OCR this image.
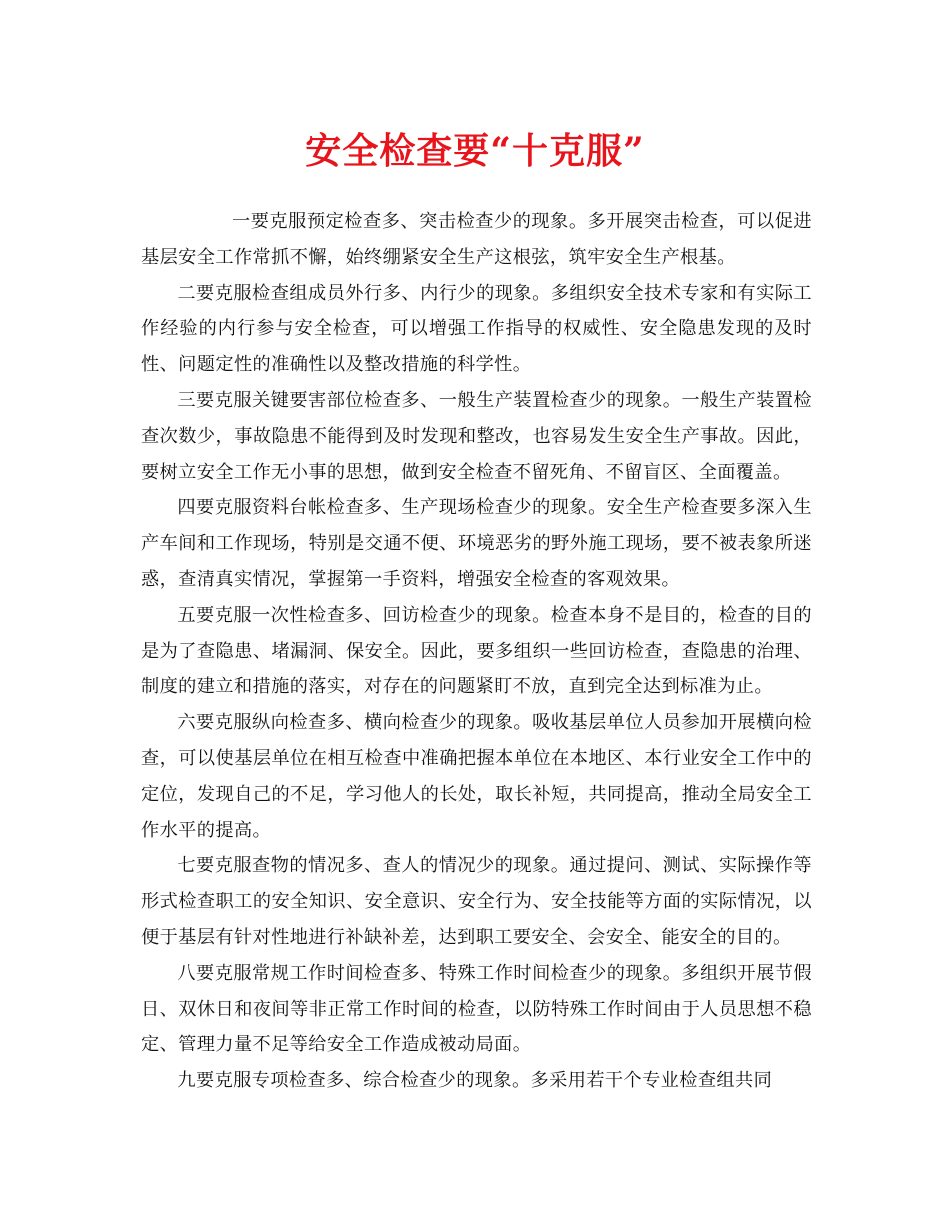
安全检查要“十克服”

一要克服预定检查多、突击检查少的现象。多开展突击检查，可以促进基层安全工作常抓不懈，始终绷紧安全生产这根弦，筑牢安全生产根基。

二要克服检查组成员外行多、内行少的现象。多组织安全技术专家和有实际工作经验的内行参与安全检查，可以增强工作指导的权威性、安全隐患发现的及时性、问题定性的准确性以及整改措施的科学性。

三要克服关键要害部位检查多、一般生产装置检查少的现象。一般生产装置检查次数少，事故隐患不能得到及时发现和整改，也容易发生安全生产事故。因此，要树立安全工作无小事的思想，做到安全检查不留死角、不留盲区、全面覆盖。

四要克服资料台帐检查多、生产现场检查少的现象。安全生产检查要多深入生产车间和工作现场，特别是交通不便、环境恶劣的野外施工现场，要不被表象所迷惑，查清真实情况，掌握第一手资料，增强安全检查的客观效果。

五要克服一次性检查多、回访检查少的现象。检查本身不是目的，检查的目的是为了查隐患、堵漏洞、保安全。因此，要多组织一些回访检查，查隐患的治理、制度的建立和措施的落实，对存在的问题紧盯不放，直到完全达到标准为止。

六要克服纵向检查多、横向检查少的现象。吸收基层单位人员参加开展横向检查，可以使基层单位在相互检查中准确把握本单位在本地区、本行业安全工作中的定位，发现自己的不足，学习他人的长处，取长补短，共同提高，推动全局安全工作水平的提高。

七要克服查物的情况多、查人的情况少的现象。通过提问、测试、实际操作等形式检查职工的安全知识、安全意识、安全行为、安全技能等方面的实际情况，以便于基层有针对性地进行补缺补差，达到职工要安全、会安全、能安全的目的。

八要克服常规工作时间检查多、特殊工作时间检查少的现象。多组织开展节假日、双休日和夜间等非正常工作时间的检查，以防特殊工作时间由于人员思想不稳定、管理力量不足等给安全工作造成被动局面。

九要克服专项检查多、综合检查少的现象。多采用若干个专业检查组共同
